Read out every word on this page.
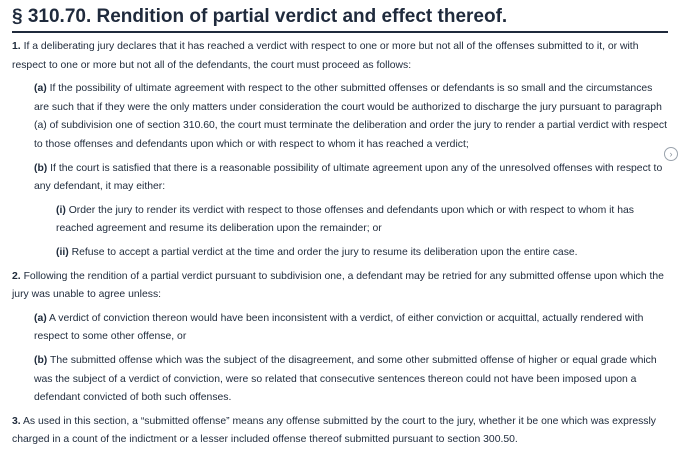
§ 310.70. Rendition of partial verdict and effect thereof.

1. If a deliberating jury declares that it has reached a verdict with respect to one or more but not all of the offenses submitted to it, or with respect to one or more but not all of the defendants, the court must proceed as follows:

(a) If the possibility of ultimate agreement with respect to the other submitted offenses or defendants is so small and the circumstances are such that if they were the only matters under consideration the court would be authorized to discharge the jury pursuant to paragraph (a) of subdivision one of section 310.60, the court must terminate the deliberation and order the jury to render a partial verdict with respect to those offenses and defendants upon which or with respect to whom it has reached a verdict;

(b) If the court is satisfied that there is a reasonable possibility of ultimate agreement upon any of the unresolved offenses with respect to any defendant, it may either:

(i) Order the jury to render its verdict with respect to those offenses and defendants upon which or with respect to whom it has reached agreement and resume its deliberation upon the remainder; or

(ii) Refuse to accept a partial verdict at the time and order the jury to resume its deliberation upon the entire case.

2. Following the rendition of a partial verdict pursuant to subdivision one, a defendant may be retried for any submitted offense upon which the jury was unable to agree unless:

(a) A verdict of conviction thereon would have been inconsistent with a verdict, of either conviction or acquittal, actually rendered with respect to some other offense, or

(b) The submitted offense which was the subject of the disagreement, and some other submitted offense of higher or equal grade which was the subject of a verdict of conviction, were so related that consecutive sentences thereon could not have been imposed upon a defendant convicted of both such offenses.

3. As used in this section, a “submitted offense” means any offense submitted by the court to the jury, whether it be one which was expressly charged in a count of the indictment or a lesser included offense thereof submitted pursuant to section 300.50.

›
